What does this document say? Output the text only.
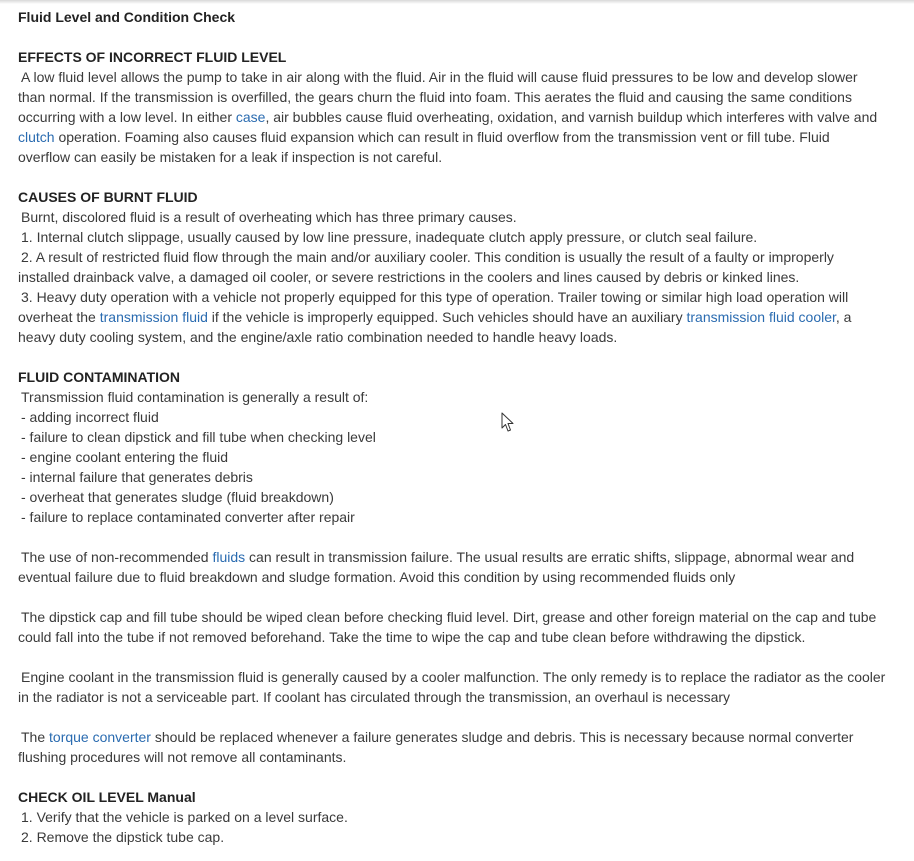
Fluid Level and Condition Check
EFFECTS OF INCORRECT FLUID LEVEL
A low fluid level allows the pump to take in air along with the fluid. Air in the fluid will cause fluid pressures to be low and develop slower
than normal. If the transmission is overfilled, the gears churn the fluid into foam. This aerates the fluid and causing the same conditions
occurring with a low level. In either case, air bubbles cause fluid overheating, oxidation, and varnish buildup which interferes with valve and
clutch operation. Foaming also causes fluid expansion which can result in fluid overflow from the transmission vent or fill tube. Fluid
overflow can easily be mistaken for a leak if inspection is not careful.
CAUSES OF BURNT FLUID
Burnt, discolored fluid is a result of overheating which has three primary causes.
1. Internal clutch slippage, usually caused by low line pressure, inadequate clutch apply pressure, or clutch seal failure.
2. A result of restricted fluid flow through the main and/or auxiliary cooler. This condition is usually the result of a faulty or improperly
installed drainback valve, a damaged oil cooler, or severe restrictions in the coolers and lines caused by debris or kinked lines.
3. Heavy duty operation with a vehicle not properly equipped for this type of operation. Trailer towing or similar high load operation will
overheat the transmission fluid if the vehicle is improperly equipped. Such vehicles should have an auxiliary transmission fluid cooler, a
heavy duty cooling system, and the engine/axle ratio combination needed to handle heavy loads.
FLUID CONTAMINATION
Transmission fluid contamination is generally a result of:
- adding incorrect fluid
- failure to clean dipstick and fill tube when checking level
- engine coolant entering the fluid
- internal failure that generates debris
- overheat that generates sludge (fluid breakdown)
- failure to replace contaminated converter after repair
The use of non-recommended fluids can result in transmission failure. The usual results are erratic shifts, slippage, abnormal wear and
eventual failure due to fluid breakdown and sludge formation. Avoid this condition by using recommended fluids only
The dipstick cap and fill tube should be wiped clean before checking fluid level. Dirt, grease and other foreign material on the cap and tube
could fall into the tube if not removed beforehand. Take the time to wipe the cap and tube clean before withdrawing the dipstick.
Engine coolant in the transmission fluid is generally caused by a cooler malfunction. The only remedy is to replace the radiator as the cooler
in the radiator is not a serviceable part. If coolant has circulated through the transmission, an overhaul is necessary
The torque converter should be replaced whenever a failure generates sludge and debris. This is necessary because normal converter
flushing procedures will not remove all contaminants.
CHECK OIL LEVEL Manual
1. Verify that the vehicle is parked on a level surface.
2. Remove the dipstick tube cap.
